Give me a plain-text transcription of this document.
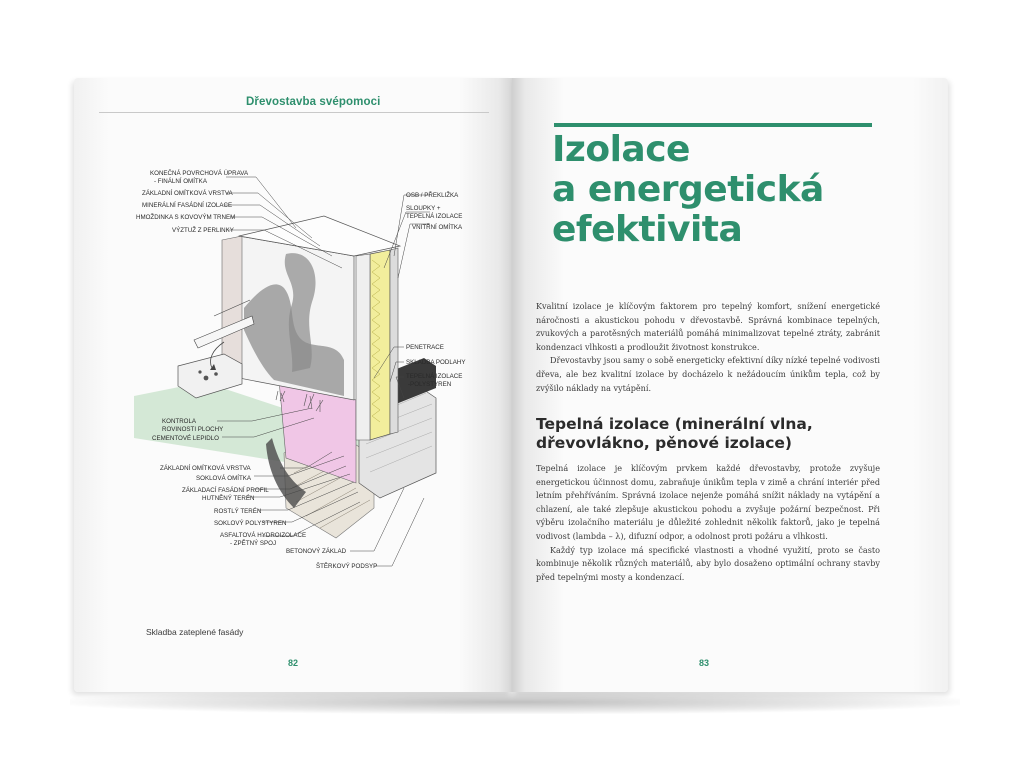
Dřevostavba svépomoci
KONEČNÁ POVRCHOVÁ ÚPRAVA
- FINÁLNÍ OMÍTKA
ZÁKLADNÍ OMÍTKOVÁ VRSTVA
MINERÁLNÍ FASÁDNÍ IZOLACE
HMOŽDINKA S KOVOVÝM TRNEM
VÝZTUŽ Z PERLINKY
KONTROLA
ROVINOSTI PLOCHY
CEMENTOVÉ LEPIDLO
ZÁKLADNÍ OMÍTKOVÁ VRSTVA
SOKLOVÁ OMÍTKA
ZÁKLADACÍ FASÁDNÍ PROFIL
HUTNĚNÝ TERÉN
ROSTLÝ TERÉN
SOKLOVÝ POLYSTYREN
ASFALTOVÁ HYDROIZOLACE
- ZPĚTNÝ SPOJ
BETONOVÝ ZÁKLAD
ŠTĚRKOVÝ PODSYP
OSB / PŘEKLIŽKA
SLOUPKY +
TEPELNÁ IZOLACE
VNITŘNÍ OMÍTKA
PENETRACE
SKLADBA PODLAHY
TEPELNÁ IZOLACE
-POLYSTYREN
Skladba zateplené fasády
82
Izolace
a energetická
efektivita

Kvalitní izolace je klíčovým faktorem pro tepelný komfort, snížení energetické náročnosti a akustickou pohodu v dřevostavbě. Správná kombinace tepelných, zvukových a parotěsných materiálů pomáhá minimalizovat tepelné ztráty, zabránit kondenzaci vlhkosti a prodloužit životnost konstrukce.

Dřevostavby jsou samy o sobě energeticky efektivní díky nízké tepelné vodivosti dřeva, ale bez kvalitní izolace by docházelo k nežádoucím únikům tepla, což by zvýšilo náklady na vytápění.

Tepelná izolace (minerální vlna, dřevovlákno, pěnové izolace)

Tepelná izolace je klíčovým prvkem každé dřevostavby, protože zvyšuje energetickou účinnost domu, zabraňuje únikům tepla v zimě a chrání interiér před letním přehříváním. Správná izolace nejenže pomáhá snížit náklady na vytápění a chlazení, ale také zlepšuje akustickou pohodu a zvyšuje požární bezpečnost. Při výběru izolačního materiálu je důležité zohlednit několik faktorů, jako je tepelná vodivost (lambda – λ), difuzní odpor, a odolnost proti požáru a vlhkosti.

Každý typ izolace má specifické vlastnosti a vhodné využití, proto se často kombinuje několik různých materiálů, aby bylo dosaženo optimální ochrany stavby před tepelnými mosty a kondenzací.

83
